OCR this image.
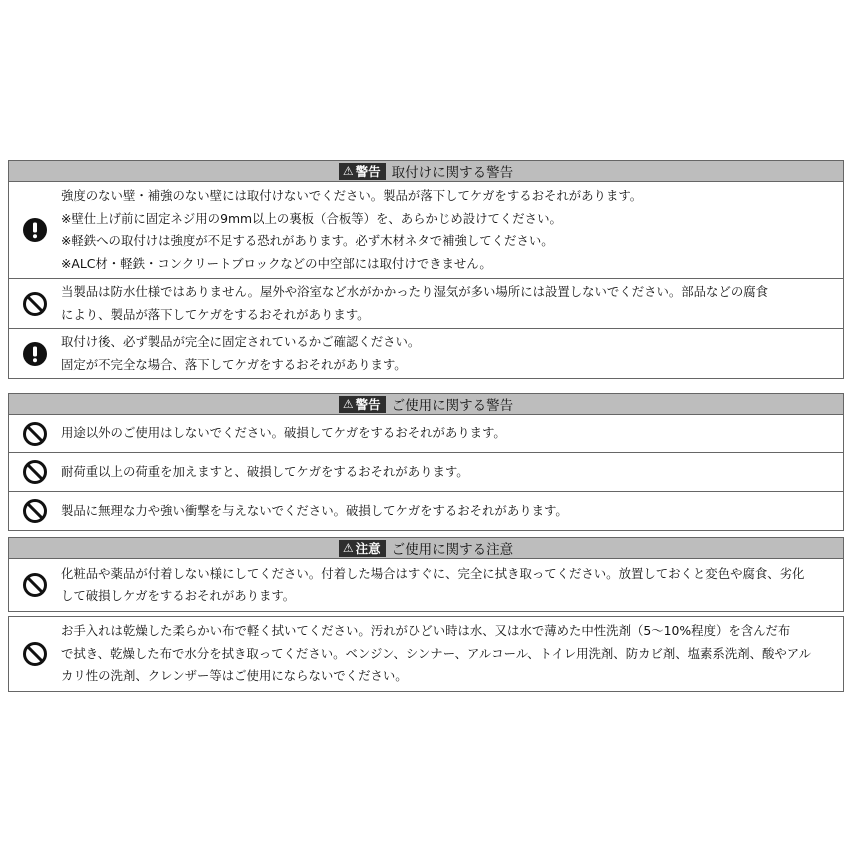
⚠ 警告 取付けに関する警告
強度のない壁・補強のない壁には取付けないでください。製品が落下してケガをするおそれがあります。
※壁仕上げ前に固定ネジ用の9mm以上の裏板（合板等）を、あらかじめ設けてください。
※軽鉄への取付けは強度が不足する恐れがあります。必ず木材ネタで補強してください。
※ALC材・軽鉄・コンクリートブロックなどの中空部には取付けできません。
当製品は防水仕様ではありません。屋外や浴室など水がかかったり湿気が多い場所には設置しないでください。部品などの腐食
により、製品が落下してケガをするおそれがあります。
取付け後、必ず製品が完全に固定されているかご確認ください。
固定が不完全な場合、落下してケガをするおそれがあります。
⚠ 警告 ご使用に関する警告
用途以外のご使用はしないでください。破損してケガをするおそれがあります。
耐荷重以上の荷重を加えますと、破損してケガをするおそれがあります。
製品に無理な力や強い衝撃を与えないでください。破損してケガをするおそれがあります。
⚠ 注意 ご使用に関する注意
化粧品や薬品が付着しない様にしてください。付着した場合はすぐに、完全に拭き取ってください。放置しておくと変色や腐食、劣化
して破損しケガをするおそれがあります。
お手入れは乾燥した柔らかい布で軽く拭いてください。汚れがひどい時は水、又は水で薄めた中性洗剤（5〜10%程度）を含んだ布
で拭き、乾燥した布で水分を拭き取ってください。ベンジン、シンナー、アルコール、トイレ用洗剤、防カビ剤、塩素系洗剤、酸やアル
カリ性の洗剤、クレンザー等はご使用にならないでください。
